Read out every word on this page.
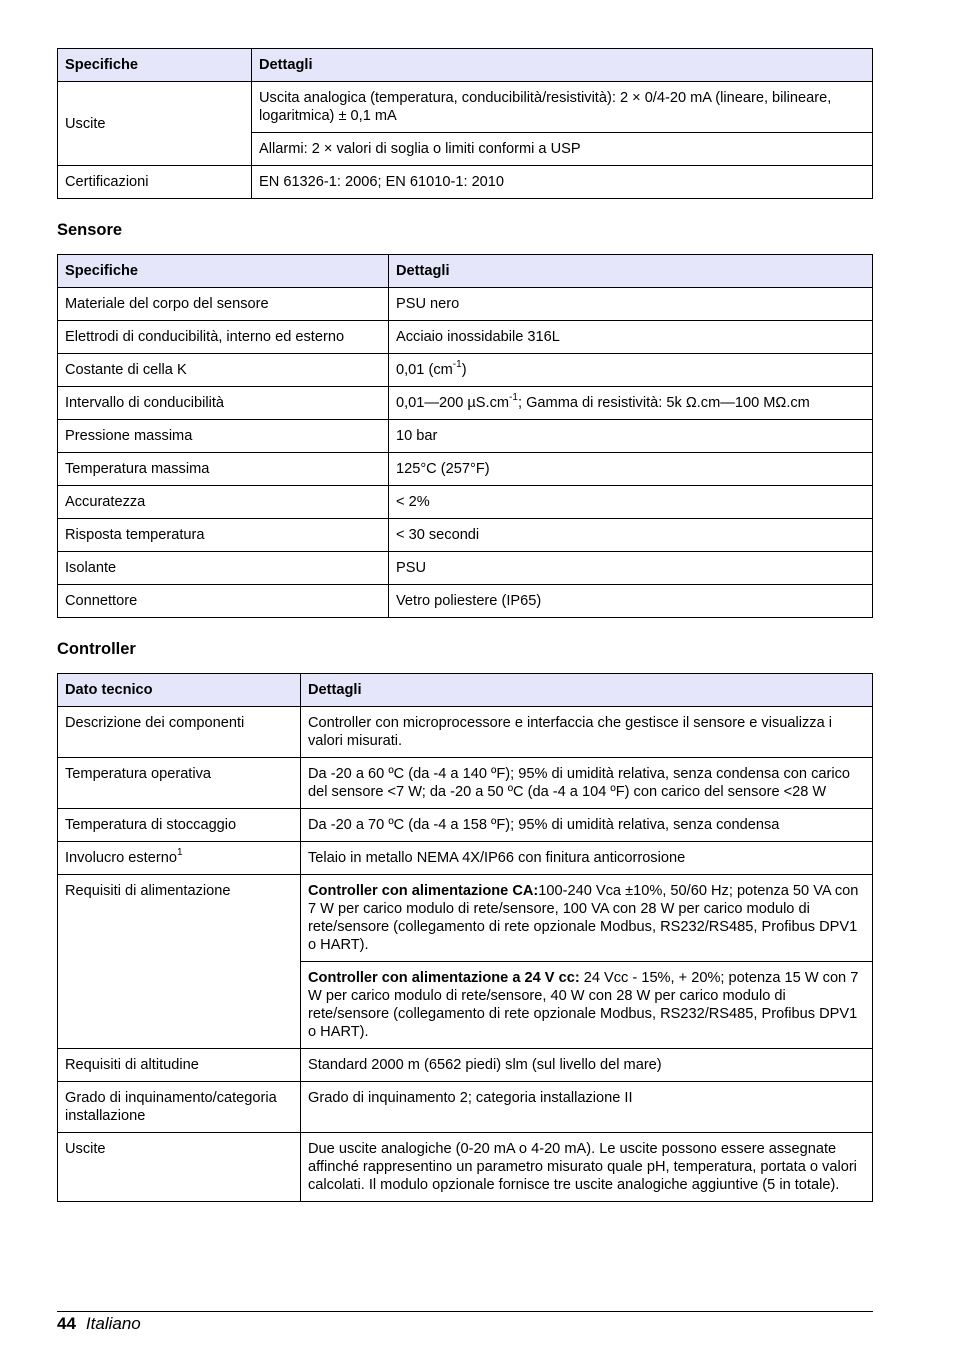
Specifiche	Dettagli
Uscite	Uscita analogica (temperatura, conducibilità/resistività): 2 × 0/4-20 mA (lineare, bilineare, logaritmica) ± 0,1 mA
	Allarmi: 2 × valori di soglia o limiti conformi a USP
Certificazioni	EN 61326-1: 2006; EN 61010-1: 2010
Sensore
Specifiche	Dettagli
Materiale del corpo del sensore	PSU nero
Elettrodi di conducibilità, interno ed esterno	Acciaio inossidabile 316L
Costante di cella K	0,01 $(cm^{-1})$
Intervallo di conducibilità	0,01—200 $\mu S.cm^{-1}$; Gamma di resistività: 5k Ω.cm—100 MΩ.cm
Pressione massima	10 bar
Temperatura massima	125°C (257°F)
Accuratezza	< 2%
Risposta temperatura	< 30 secondi
Isolante	PSU
Connettore	Vetro poliestere (IP65)
Controller
Dato tecnico	Dettagli
Descrizione dei componenti	Controller con microprocessore e interfaccia che gestisce il sensore e visualizza i valori misurati.
Temperatura operativa	Da -20 a 60 ºC (da -4 a 140 ºF); 95% di umidità relativa, senza condensa con carico del sensore <7 W; da -20 a 50 ºC (da -4 a 104 ºF) con carico del sensore <28 W
Temperatura di stoccaggio	Da -20 a 70 ºC (da -4 a 158 ºF); 95% di umidità relativa, senza condensa
Involucro esterno$^1$	Telaio in metallo NEMA 4X/IP66 con finitura anticorrosione
Requisiti di alimentazione	Controller con alimentazione CA:100-240 Vca ±10%, 50/60 Hz; potenza 50 VA con 7 W per carico modulo di rete/sensore, 100 VA con 28 W per carico modulo di rete/sensore (collegamento di rete opzionale Modbus, RS232/RS485, Profibus DPV1 o HART).
	Controller con alimentazione a 24 V cc: 24 Vcc - 15%, + 20%; potenza 15 W con 7 W per carico modulo di rete/sensore, 40 W con 28 W per carico modulo di rete/sensore (collegamento di rete opzionale Modbus, RS232/RS485, Profibus DPV1 o HART).
Requisiti di altitudine	Standard 2000 m (6562 piedi) slm (sul livello del mare)
Grado di inquinamento/categoria installazione	Grado di inquinamento 2; categoria installazione II
Uscite	Due uscite analogiche (0-20 mA o 4-20 mA). Le uscite possono essere assegnate affinché rappresentino un parametro misurato quale pH, temperatura, portata o valori calcolati. Il modulo opzionale fornisce tre uscite analogiche aggiuntive (5 in totale).
44 Italiano
